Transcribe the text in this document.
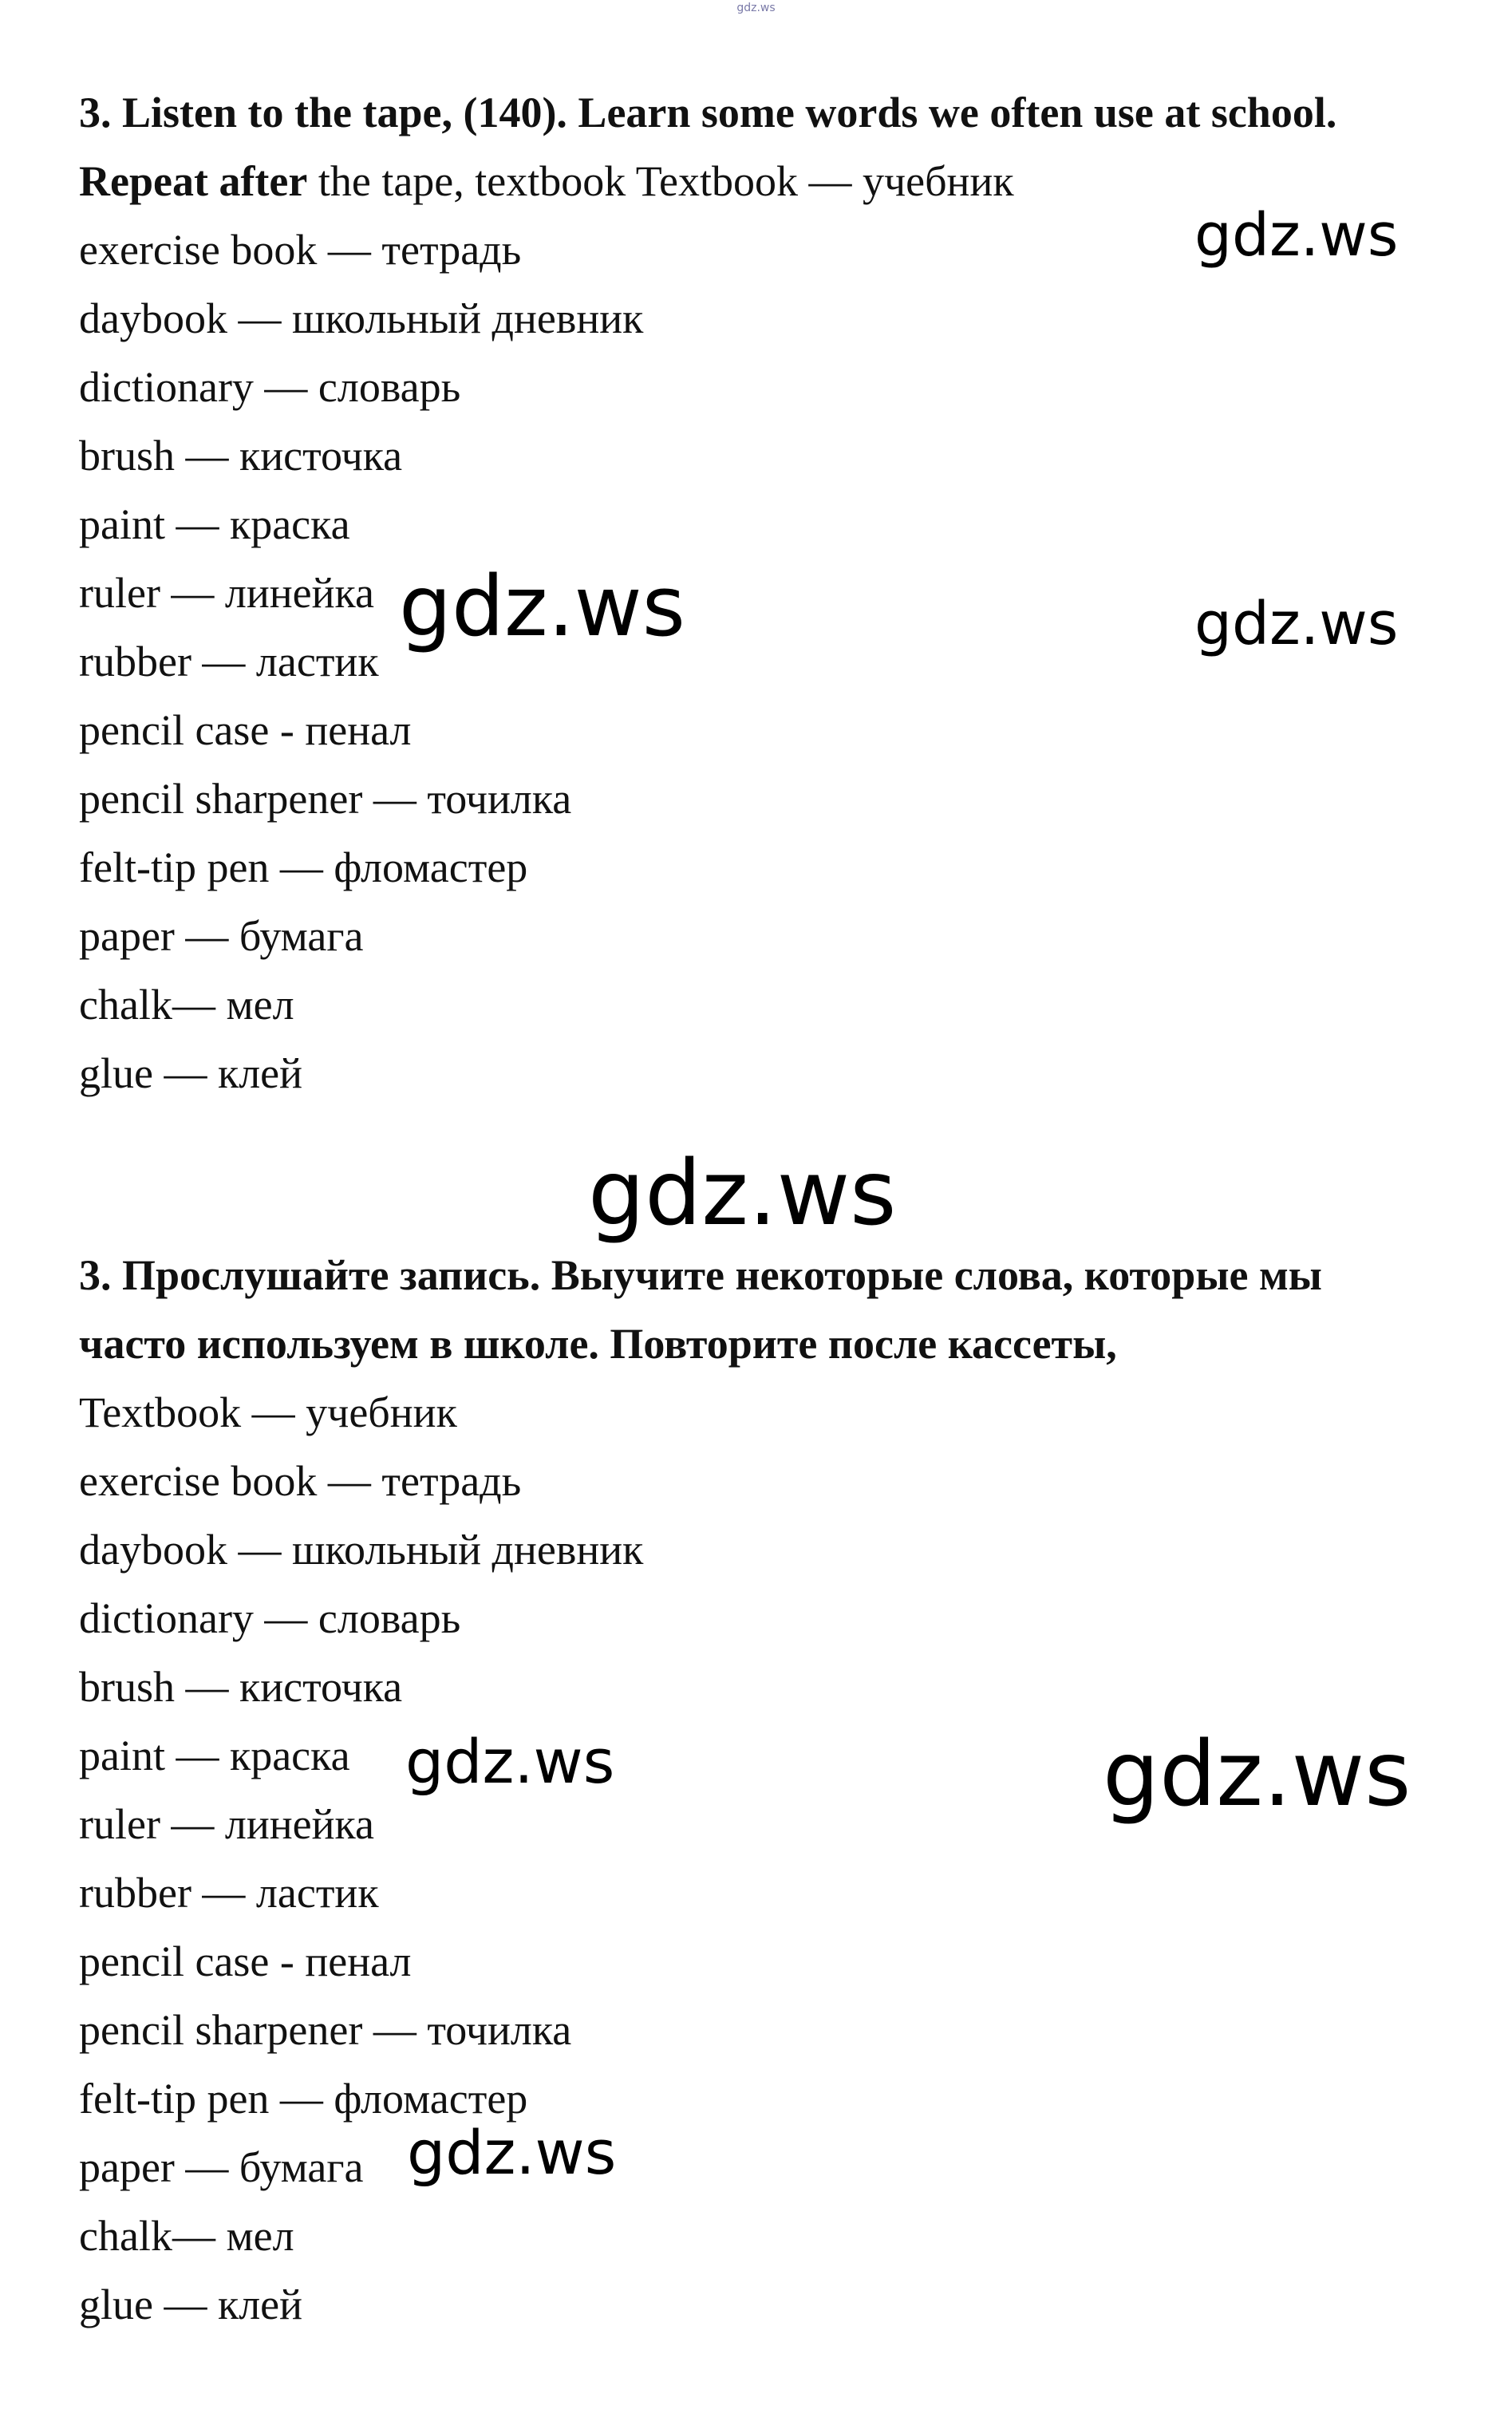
gdz.ws
3. Listen to the tape, (140). Learn some words we often use at school.
Repeat after the tape, textbook Textbook — учебник
exercise book — тетрадь
daybook — школьный дневник
dictionary — словарь
brush — кисточка
paint — краска
ruler — линейка
rubber — ластик
pencil case - пенал
pencil sharpener — точилка
felt-tip pen — фломастер
paper — бумага
chalk— мел
glue — клей
3. Прослушайте запись. Выучите некоторые слова, которые мы
часто используем в школе. Повторите после кассеты,
Textbook — учебник
exercise book — тетрадь
daybook — школьный дневник
dictionary — словарь
brush — кисточка
paint — краска
ruler — линейка
rubber — ластик
pencil case - пенал
pencil sharpener — точилка
felt-tip pen — фломастер
paper — бумага
chalk— мел
glue — клей
gdz.ws
gdz.ws	gdz.ws
gdz.ws
gdz.ws	gdz.ws
gdz.ws
